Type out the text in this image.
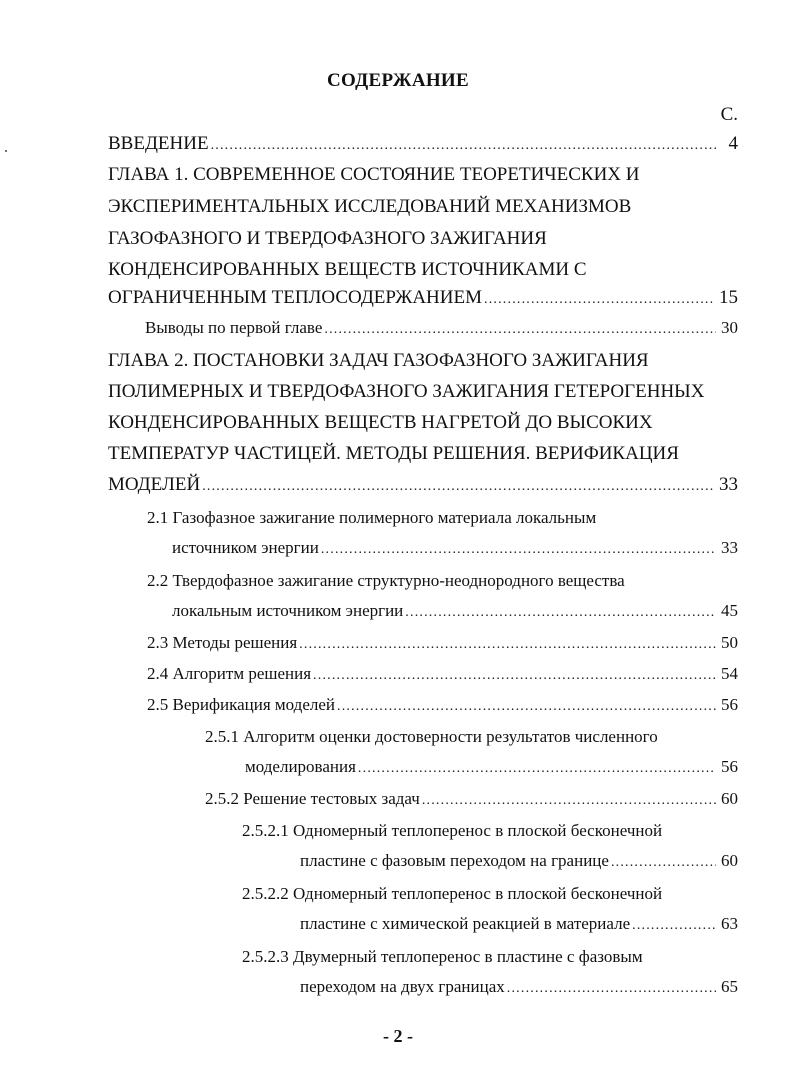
СОДЕРЖАНИЕ
С.
ВВЕДЕНИЕ .....	4
ГЛАВА 1. СОВРЕМЕННОЕ СОСТОЯНИЕ ТЕОРЕТИЧЕСКИХ И
ЭКСПЕРИМЕНТАЛЬНЫХ ИССЛЕДОВАНИЙ МЕХАНИЗМОВ
ГАЗОФАЗНОГО И ТВЕРДОФАЗНОГО ЗАЖИГАНИЯ
КОНДЕНСИРОВАННЫХ ВЕЩЕСТВ ИСТОЧНИКАМИ С
ОГРАНИЧЕННЫМ ТЕПЛОСОДЕРЖАНИЕМ .....	15
Выводы по первой главе .....	30
ГЛАВА 2. ПОСТАНОВКИ ЗАДАЧ ГАЗОФАЗНОГО ЗАЖИГАНИЯ
ПОЛИМЕРНЫХ И ТВЕРДОФАЗНОГО ЗАЖИГАНИЯ ГЕТЕРОГЕННЫХ
КОНДЕНСИРОВАННЫХ ВЕЩЕСТВ НАГРЕТОЙ ДО ВЫСОКИХ
ТЕМПЕРАТУР ЧАСТИЦЕЙ. МЕТОДЫ РЕШЕНИЯ. ВЕРИФИКАЦИЯ
МОДЕЛЕЙ .....	33
2.1 Газофазное зажигание полимерного материала локальным
источником энергии .....	33
2.2 Твердофазное зажигание структурно-неоднородного вещества
локальным источником энергии .....	45
2.3 Методы решения .....	50
2.4 Алгоритм решения .....	54
2.5 Верификация моделей .....	56
2.5.1 Алгоритм оценки достоверности результатов численного
моделирования .....	56
2.5.2 Решение тестовых задач .....	60
2.5.2.1 Одномерный теплоперенос в плоской бесконечной
пластине с фазовым переходом на границе .....	60
2.5.2.2 Одномерный теплоперенос в плоской бесконечной
пластине с химической реакцией в материале .....	63
2.5.2.3 Двумерный теплоперенос в пластине с фазовым
переходом на двух границах .....	65
- 2 -
